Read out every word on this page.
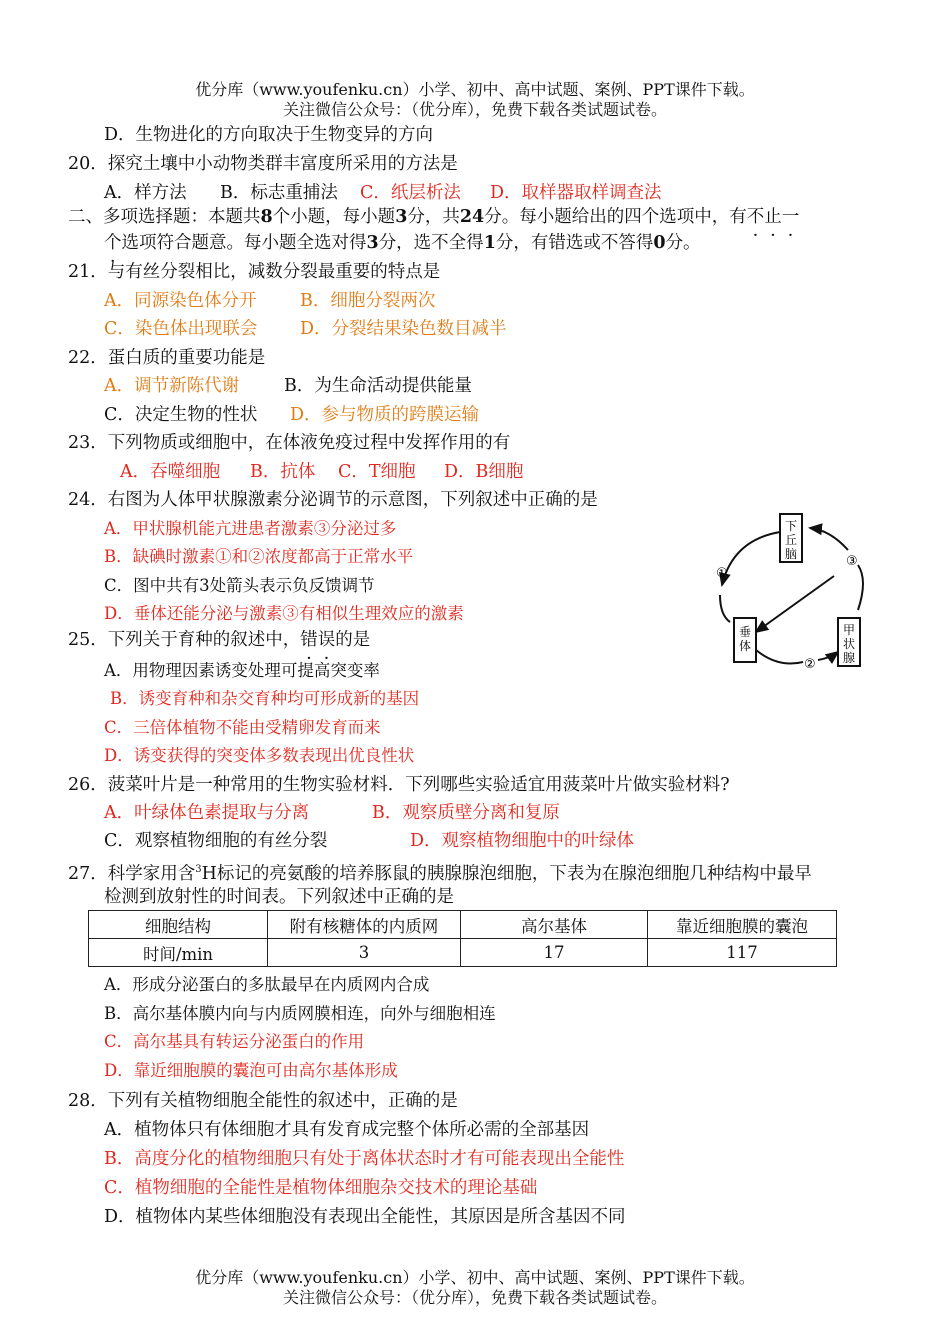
优分库（www.youfenku.cn）小学、初中、高中试题、案例、PPT课件下载。
关注微信公众号：（优分库），免费下载各类试题试卷。
D．生物进化的方向取决于生物变异的方向
20．探究土壤中小动物类群丰富度所采用的方法是
A．样方法 B．标志重捕法 C．纸层析法 D．取样器取样调查法
二、多项选择题：本题共8个小题，每小题3分，共24分。每小题给出的四个选项中，有不止一
个选项符合题意。每小题全选对得3分，选不全得1分，有错选或不答得0分。
21．与有丝分裂相比，减数分裂最重要的特点是
A．同源染色体分开 B．细胞分裂两次
C．染色体出现联会 D．分裂结果染色数目减半
22．蛋白质的重要功能是
A．调节新陈代谢	B．为生命活动提供能量
C．决定生物的性状 D．参与物质的跨膜运输
23．下列物质或细胞中，在体液免疫过程中发挥作用的有
A．吞噬细胞 B．抗体 C．T细胞 D．B细胞
24．右图为人体甲状腺激素分泌调节的示意图，下列叙述中正确的是
A．甲状腺机能亢进患者激素③分泌过多
B．缺碘时激素①和②浓度都高于正常水平
C．图中共有3处箭头表示负反馈调节
D．垂体还能分泌与激素③有相似生理效应的激素
下丘脑
垂体
甲状腺
①
②
③
25．下列关于育种的叙述中，错误的是
A．用物理因素诱变处理可提高突变率
B．诱变育种和杂交育种均可形成新的基因
C．三倍体植物不能由受精卵发育而来
D．诱变获得的突变体多数表现出优良性状
26．菠菜叶片是一种常用的生物实验材料．下列哪些实验适宜用菠菜叶片做实验材料?
A．叶绿体色素提取与分离	B．观察质壁分离和复原
C．观察植物细胞的有丝分裂	D．观察植物细胞中的叶绿体
27．科学家用含$^3$H标记的亮氨酸的培养豚鼠的胰腺腺泡细胞，下表为在腺泡细胞几种结构中最早
检测到放射性的时间表。下列叙述中正确的是
细胞结构	附有核糖体的内质网	高尔基体	靠近细胞膜的囊泡
时间/min	3	17	117
A．形成分泌蛋白的多肽最早在内质网内合成
B．高尔基体膜内向与内质网膜相连，向外与细胞相连
C．高尔基具有转运分泌蛋白的作用
D．靠近细胞膜的囊泡可由高尔基体形成
28．下列有关植物细胞全能性的叙述中，正确的是
A．植物体只有体细胞才具有发育成完整个体所必需的全部基因
B．高度分化的植物细胞只有处于离体状态时才有可能表现出全能性
C．植物细胞的全能性是植物体细胞杂交技术的理论基础
D．植物体内某些体细胞没有表现出全能性，其原因是所含基因不同
优分库（www.youfenku.cn）小学、初中、高中试题、案例、PPT课件下载。
关注微信公众号：（优分库），免费下载各类试题试卷。
